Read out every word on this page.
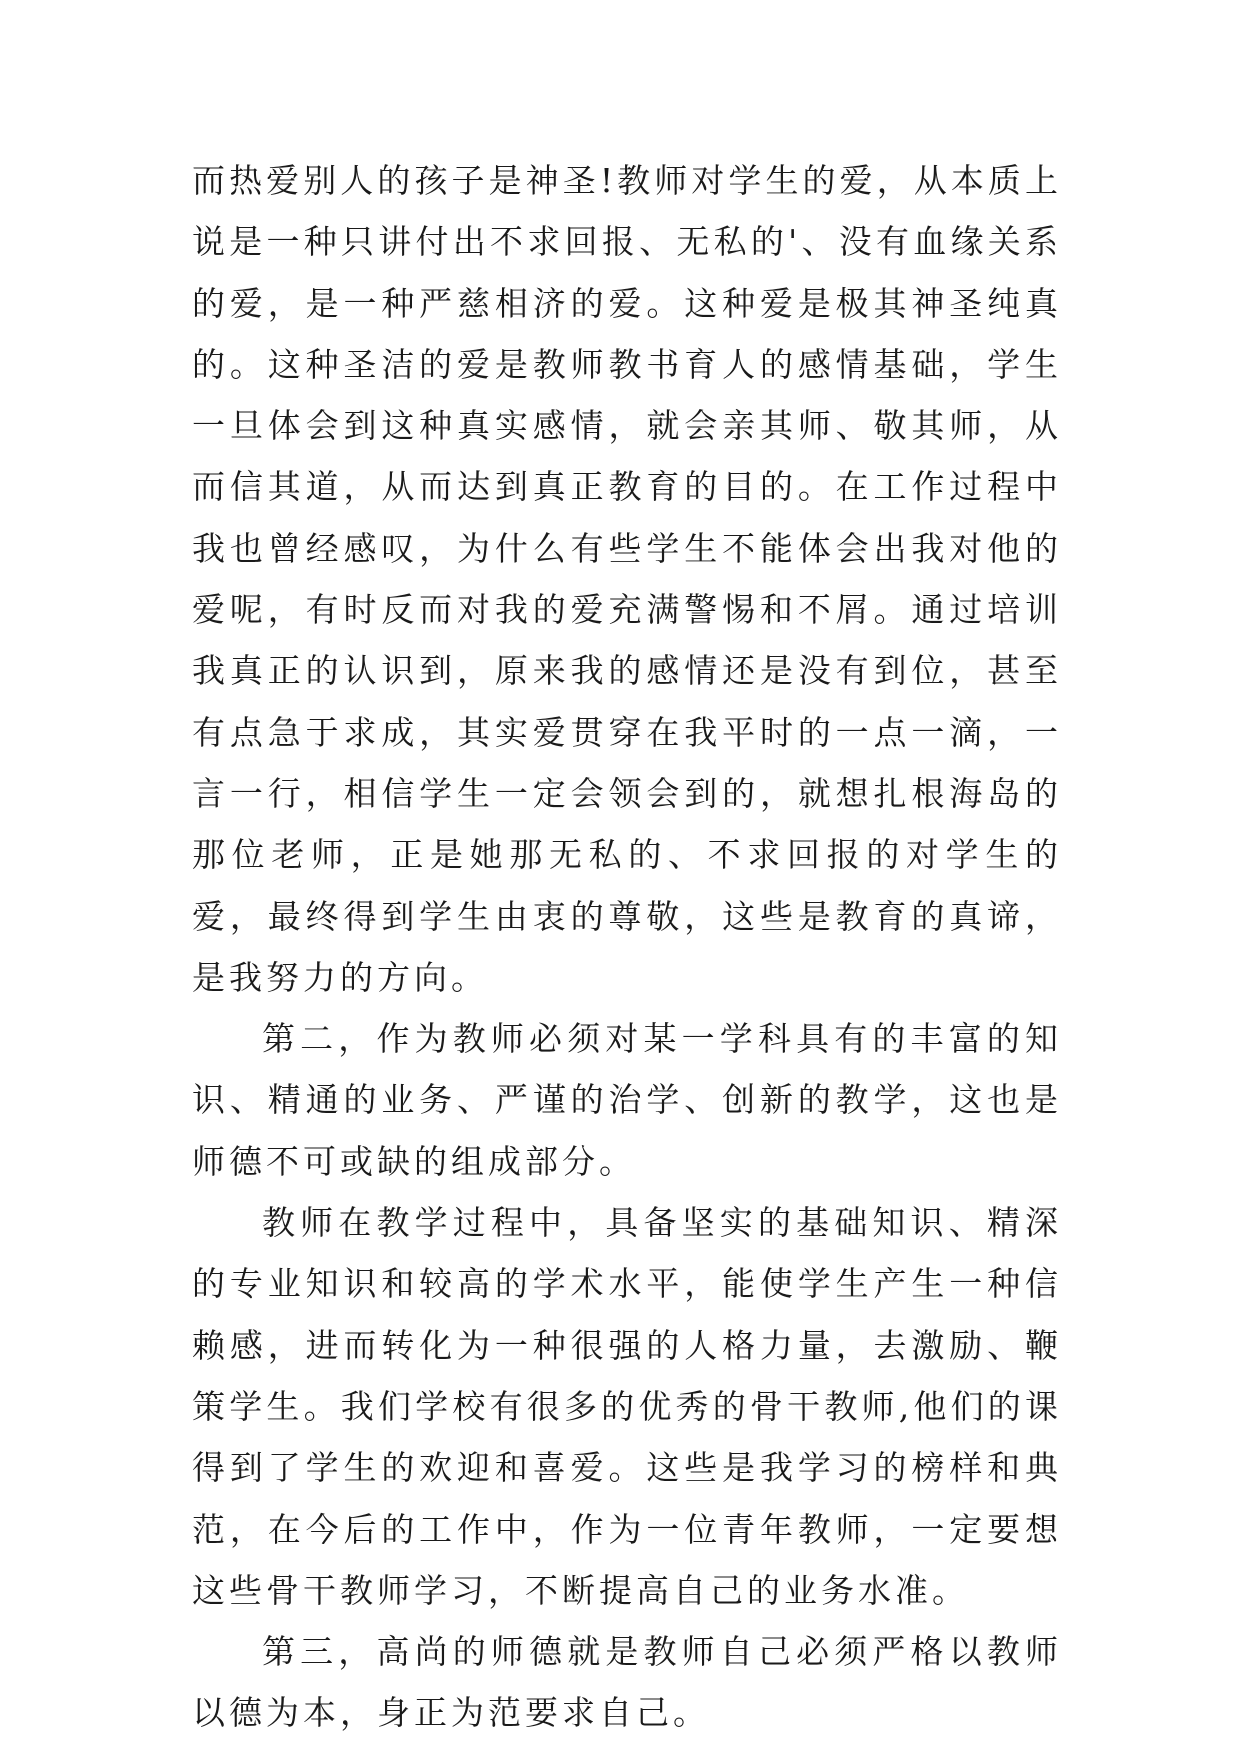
而热爱别人的孩子是神圣!教师对学生的爱，从本质上说是一种只讲付出不求回报、无私的'、没有血缘关系的爱，是一种严慈相济的爱。这种爱是极其神圣纯真的。这种圣洁的爱是教师教书育人的感情基础，学生一旦体会到这种真实感情，就会亲其师、敬其师，从而信其道，从而达到真正教育的目的。在工作过程中我也曾经感叹，为什么有些学生不能体会出我对他的爱呢，有时反而对我的爱充满警惕和不屑。通过培训我真正的认识到，原来我的感情还是没有到位，甚至有点急于求成，其实爱贯穿在我平时的一点一滴，一言一行，相信学生一定会领会到的，就想扎根海岛的那位老师，正是她那无私的、不求回报的对学生的爱，最终得到学生由衷的尊敬，这些是教育的真谛，是我努力的方向。

第二，作为教师必须对某一学科具有的丰富的知识、精通的业务、严谨的治学、创新的教学，这也是师德不可或缺的组成部分。

教师在教学过程中，具备坚实的基础知识、精深的专业知识和较高的学术水平，能使学生产生一种信赖感，进而转化为一种很强的人格力量，去激励、鞭策学生。我们学校有很多的优秀的骨干教师,他们的课得到了学生的欢迎和喜爱。这些是我学习的榜样和典范，在今后的工作中，作为一位青年教师，一定要想这些骨干教师学习，不断提高自己的业务水准。

第三，高尚的师德就是教师自己必须严格以教师以德为本，身正为范要求自己。
